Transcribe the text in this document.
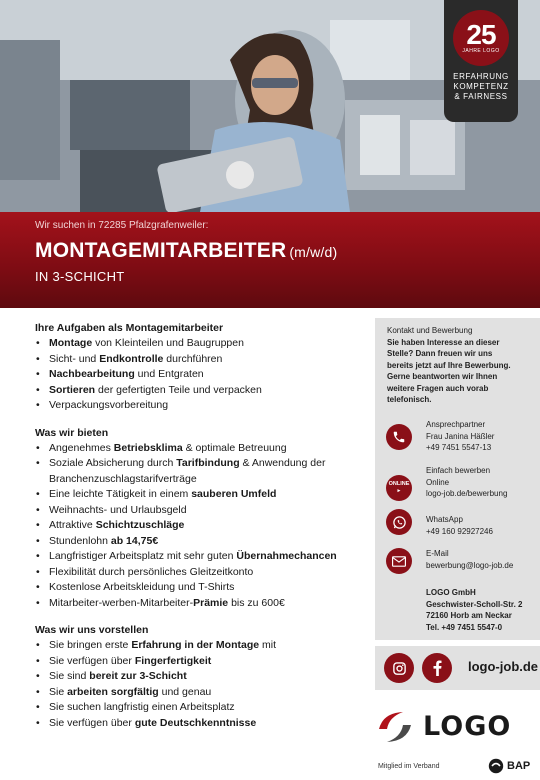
25
JAHRE LOGO
ERFAHRUNG
KOMPETENZ
& FAIRNESS
Wir suchen in 72285 Pfalzgrafenweiler:
MONTAGEMITARBEITER (m/w/d)
IN 3-SCHICHT
Ihre Aufgaben als Montagemitarbeiter
• Montage von Kleinteilen und Baugruppen
• Sicht- und Endkontrolle durchführen
• Nachbearbeitung und Entgraten
• Sortieren der gefertigten Teile und verpacken
• Verpackungsvorbereitung
Was wir bieten
• Angenehmes Betriebsklima & optimale Betreuung
• Soziale Absicherung durch Tarifbindung & Anwendung der Branchenzuschlagstarifverträge
• Eine leichte Tätigkeit in einem sauberen Umfeld
• Weihnachts- und Urlaubsgeld
• Attraktive Schichtzuschläge
• Stundenlohn ab 14,75€
• Langfristiger Arbeitsplatz mit sehr guten Übernahmechancen
• Flexibilität durch persönliches Gleitzeitkonto
• Kostenlose Arbeitskleidung und T-Shirts
• Mitarbeiter-werben-Mitarbeiter-Prämie bis zu 600€
Was wir uns vorstellen
• Sie bringen erste Erfahrung in der Montage mit
• Sie verfügen über Fingerfertigkeit
• Sie sind bereit zur 3-Schicht
• Sie arbeiten sorgfältig und genau
• Sie suchen langfristig einen Arbeitsplatz
• Sie verfügen über gute Deutschkenntnisse
Kontakt und Bewerbung
Sie haben Interesse an dieser
Stelle? Dann freuen wir uns
bereits jetzt auf Ihre Bewerbung.
Gerne beantworten wir Ihnen
weitere Fragen auch vorab
telefonisch.
Ansprechpartner
Frau Janina Häßler
+49 7451 5547-13
ONLINE
►
Einfach bewerben
Online
logo-job.de/bewerbung
WhatsApp
+49 160 92927246
E-Mail
bewerbung@logo-job.de
LOGO GmbH
Geschwister-Scholl-Str. 2
72160 Horb am Neckar
Tel. +49 7451 5547-0
logo-job.de
LOGO
Mitglied im Verband	BAP
